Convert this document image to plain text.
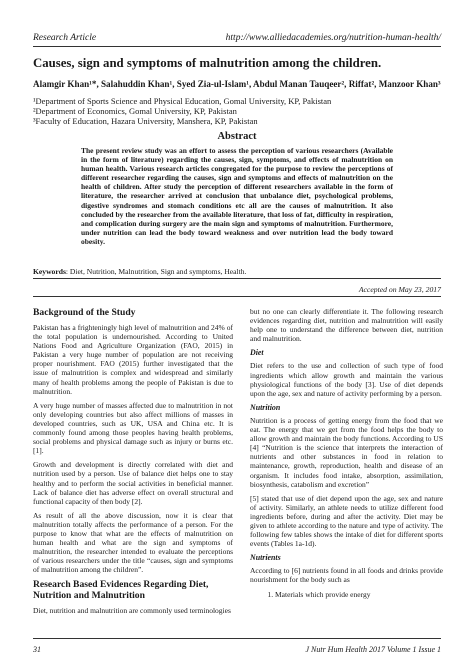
Research Article	http://www.alliedacademies.org/nutrition-human-health/
Causes, sign and symptoms of malnutrition among the children.
Alamgir Khan¹*, Salahuddin Khan¹, Syed Zia-ul-Islam¹, Abdul Manan Tauqeer², Riffat², Manzoor Khan³
¹Department of Sports Science and Physical Education, Gomal University, KP, Pakistan
²Department of Economics, Gomal University, KP, Pakistan
³Faculty of Education, Hazara University, Manshera, KP, Pakistan
Abstract
The present review study was an effort to assess the perception of various researchers (Available in the form of literature) regarding the causes, sign, symptoms, and effects of malnutrition on human health. Various research articles congregated for the purpose to review the perceptions of different researcher regarding the causes, sign and symptoms and effects of malnutrition on the health of children. After study the perception of different researchers available in the form of literature, the researcher arrived at conclusion that unbalance diet, psychological problems, digestive syndromes and stomach conditions etc all are the causes of malnutrition. It also concluded by the researcher from the available literature, that loss of fat, difficulty in respiration, and complication during surgery are the main sign and symptoms of malnutrition. Furthermore, under nutrition can lead the body toward weakness and over nutrition lead the body toward obesity.
Keywords: Diet, Nutrition, Malnutrition, Sign and symptoms, Health.
Accepted on May 23, 2017
Background of the Study

Pakistan has a frighteningly high level of malnutrition and 24% of the total population is undernourished. According to United Nations Food and Agriculture Organization (FAO, 2015) in Pakistan a very huge number of population are not receiving proper nourishment. FAO (2015) further investigated that the issue of malnutrition is complex and widespread and similarly many of health problems among the people of Pakistan is due to malnutrition.

A very huge number of masses affected due to malnutrition in not only developing countries but also affect millions of masses in developed countries, such as UK, USA and China etc. It is commonly found among those peoples having health problems, social problems and physical damage such as injury or burns etc. [1].

Growth and development is directly correlated with diet and nutrition used by a person. Use of balance diet helps one to stay healthy and to perform the social activities in beneficial manner. Lack of balance diet has adverse effect on overall structural and functional capacity of then body [2].

As result of all the above discussion, now it is clear that malnutrition totally affects the performance of a person. For the purpose to know that what are the effects of malnutrition on human health and what are the sign and symptoms of malnutrition, the researcher intended to evaluate the perceptions of various researchers under the title “causes, sign and symptoms of malnutrition among the children”.

Research Based Evidences Regarding Diet, Nutrition and Malnutrition

Diet, nutrition and malnutrition are commonly used terminologies

but no one can clearly differentiate it. The following research evidences regarding diet, nutrition and malnutrition will easily help one to understand the difference between diet, nutrition and malnutrition.

Diet

Diet refers to the use and collection of such type of food ingredients which allow growth and maintain the various physiological functions of the body [3]. Use of diet depends upon the age, sex and nature of activity performing by a person.

Nutrition

Nutrition is a process of getting energy from the food that we eat. The energy that we get from the food helps the body to allow growth and maintain the body functions. According to US [4] “Nutrition is the science that interprets the interaction of nutrients and other substances in food in relation to maintenance, growth, reproduction, health and disease of an organism. It includes food intake, absorption, assimilation, biosynthesis, catabolism and excretion”

[5] stated that use of diet depend upon the age, sex and nature of activity. Similarly, an athlete needs to utilize different food ingredients before, during and after the activity. Diet may be given to athlete according to the nature and type of activity. The following few tables shows the intake of diet for different sports events (Tables 1a-1d).

Nutrients

According to [6] nutrients found in all foods and drinks provide nourishment for the body such as

1. Materials which provide energy
31	J Nutr Hum Health 2017 Volume 1 Issue 1
